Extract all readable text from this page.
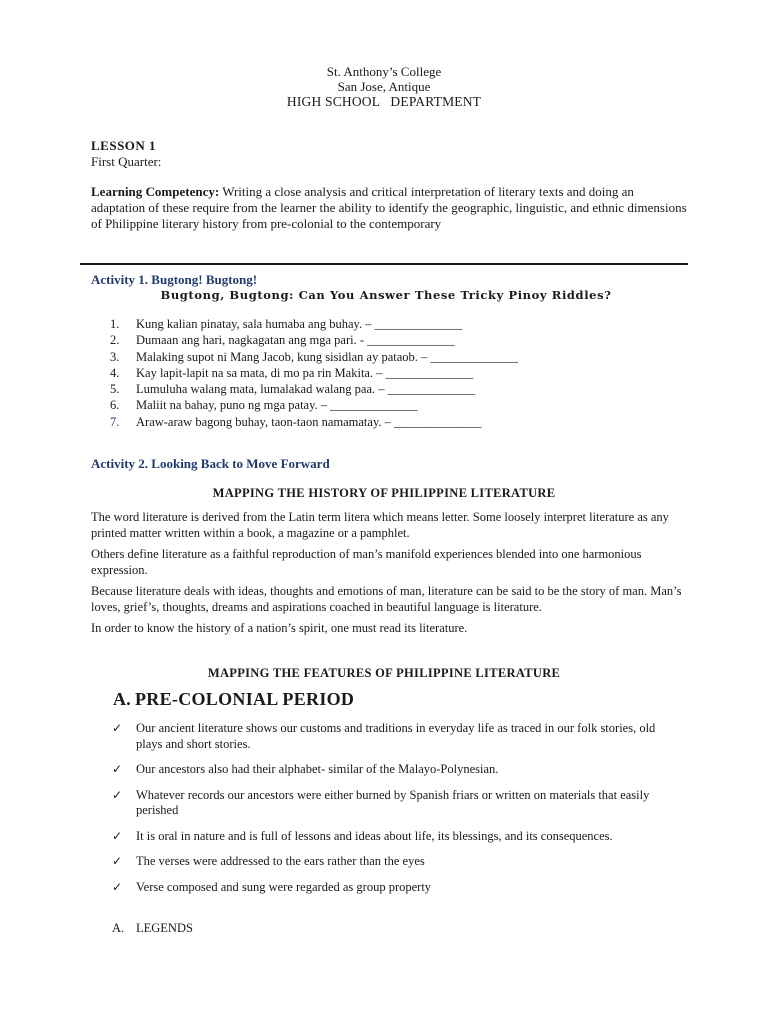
St. Anthony’s College
San Jose, Antique
HIGH SCHOOL   DEPARTMENT
LESSON 1
First Quarter:
Learning Competency: Writing a close analysis and critical interpretation of literary texts and doing an adaptation of these require from the learner the ability to identify the geographic, linguistic, and ethnic dimensions of Philippine literary history from pre-colonial to the contemporary
Activity 1. Bugtong! Bugtong!
Bugtong, Bugtong: Can You Answer These Tricky Pinoy Riddles?
1.	Kung kalian pinatay, sala humaba ang buhay. – ______________
2.	Dumaan ang hari, nagkagatan ang mga pari. - ______________
3.	Malaking supot ni Mang Jacob, kung sisidlan ay pataob. – ______________
4.	Kay lapit-lapit na sa mata, di mo pa rin Makita. – ______________
5.	Lumuluha walang mata, lumalakad walang paa. – ______________
6.	Maliit na bahay, puno ng mga patay. – ______________
7.	Araw-araw bagong buhay, taon-taon namamatay. – ______________
Activity 2. Looking Back to Move Forward
MAPPING THE HISTORY OF PHILIPPINE LITERATURE

The word literature is derived from the Latin term litera which means letter. Some loosely interpret literature as any printed matter written within a book, a magazine or a pamphlet.

Others define literature as a faithful reproduction of man’s manifold experiences blended into one harmonious expression.

Because literature deals with ideas, thoughts and emotions of man, literature can be said to be the story of man. Man’s loves, grief’s, thoughts, dreams and aspirations coached in beautiful language is literature.

In order to know the history of a nation’s spirit, one must read its literature.

MAPPING THE FEATURES OF PHILIPPINE LITERATURE
A. PRE-COLONIAL PERIOD
✓	Our ancient literature shows our customs and traditions in everyday life as traced in our folk stories, old plays and short stories.
✓	Our ancestors also had their alphabet- similar of the Malayo-Polynesian.
✓	Whatever records our ancestors were either burned by Spanish friars or written on materials that easily perished
✓	It is oral in nature and is full of lessons and ideas about life, its blessings, and its consequences.
✓	The verses were addressed to the ears rather than the eyes
✓	Verse composed and sung were regarded as group property
A. LEGENDS
